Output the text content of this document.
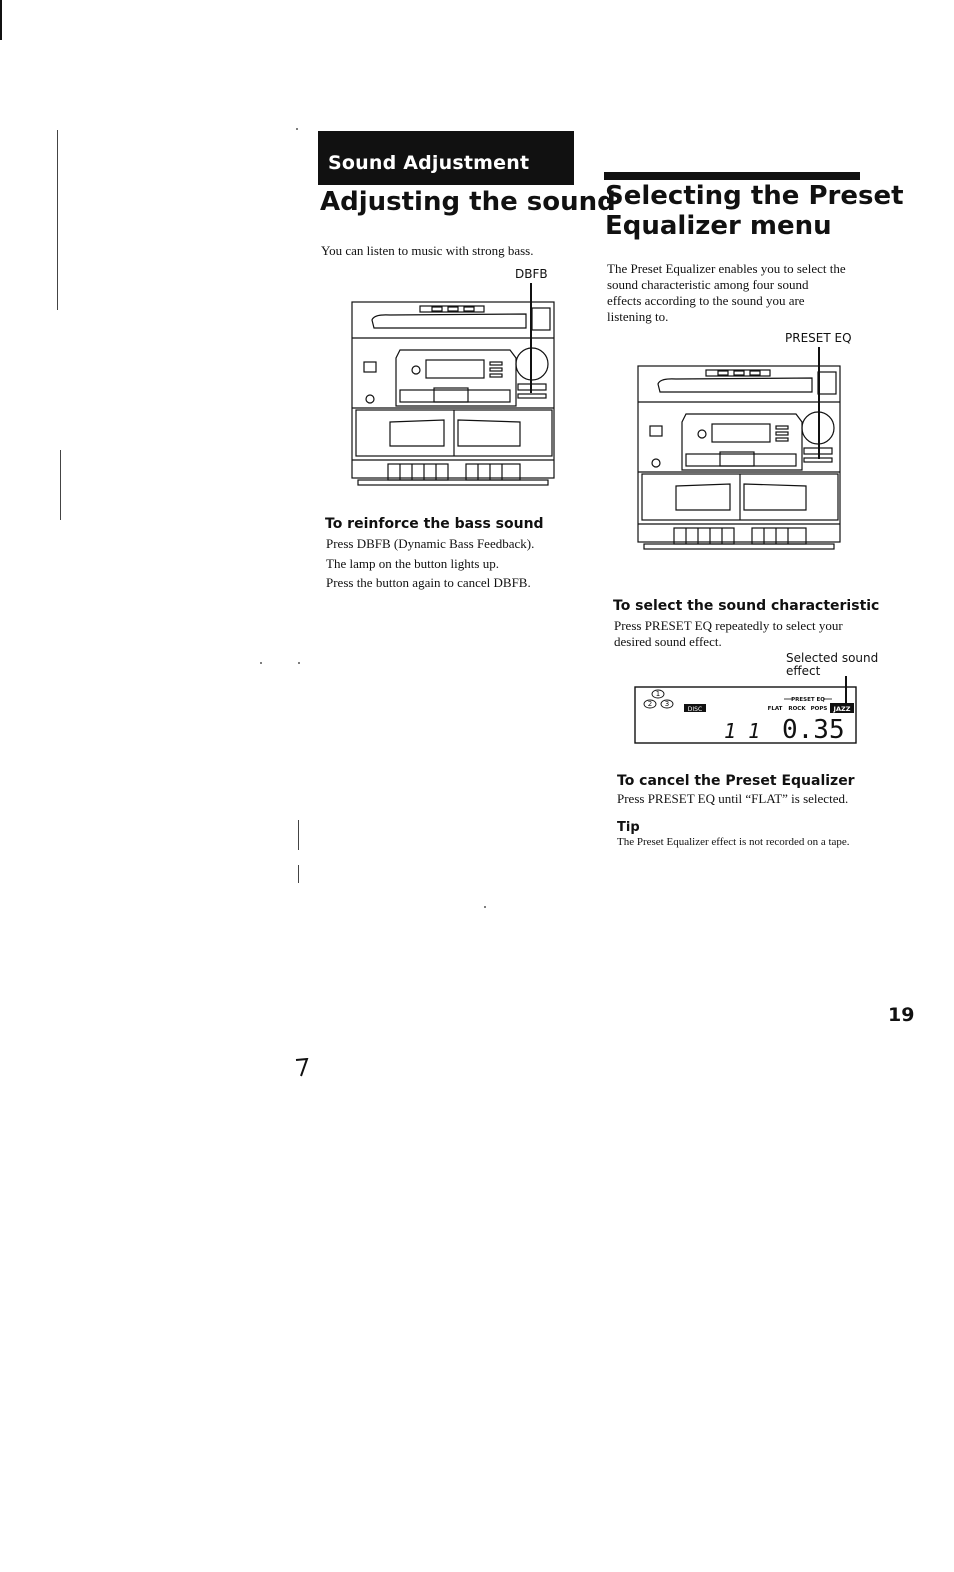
Sound Adjustment
Adjusting the sound
You can listen to music with strong bass.
DBFB
To reinforce the bass sound
Press DBFB (Dynamic Bass Feedback).
The lamp on the button lights up.
Press the button again to cancel DBFB.
Selecting the Preset
Equalizer menu
The Preset Equalizer enables you to select the
sound characteristic among four sound
effects according to the sound you are
listening to.
PRESET EQ
To select the sound characteristic
Press PRESET EQ repeatedly to select your
desired sound effect.
Selected sound
effect
1
2 3
DISC
PRESET EQ
FLAT ROCK POPS JAZZ
1 1 0.35
To cancel the Preset Equalizer
Press PRESET EQ until “FLAT” is selected.
Tip
The Preset Equalizer effect is not recorded on a tape.
19
